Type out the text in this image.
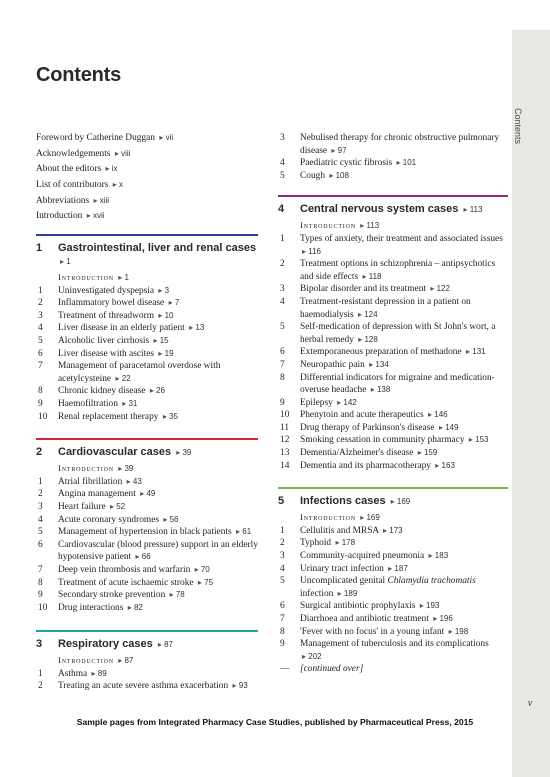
Contents
Contents
Foreword by Catherine Duggan ▸ vii
Acknowledgements ▸ viii
About the editors ▸ ix
List of contributors ▸ x
Abbreviations ▸ xiii
Introduction ▸ xvii
1	Gastrointestinal, liver and renal cases ▸ 1
Introduction ▸ 1
1	Uninvestigated dyspepsia ▸ 3
2	Inflammatory bowel disease ▸ 7
3	Treatment of threadworm ▸ 10
4	Liver disease in an elderly patient ▸ 13
5	Alcoholic liver cirrhosis ▸ 15
6	Liver disease with ascites ▸ 19
7	Management of paracetamol overdose with acetylcysteine ▸ 22
8	Chronic kidney disease ▸ 26
9	Haemofiltration ▸ 31
10	Renal replacement therapy ▸ 35
2	Cardiovascular cases ▸ 39
Introduction ▸ 39
1	Atrial fibrillation ▸ 43
2	Angina management ▸ 49
3	Heart failure ▸ 52
4	Acute coronary syndromes ▸ 56
5	Management of hypertension in black patients ▸ 61
6	Cardiovascular (blood pressure) support in an elderly hypotensive patient ▸ 66
7	Deep vein thrombosis and warfarin ▸ 70
8	Treatment of acute ischaemic stroke ▸ 75
9	Secondary stroke prevention ▸ 78
10	Drug interactions ▸ 82
3	Respiratory cases ▸ 87
Introduction ▸ 87
1	Asthma ▸ 89
2	Treating an acute severe asthma exacerbation ▸ 93
3	Nebulised therapy for chronic obstructive pulmonary disease ▸ 97
4	Paediatric cystic fibrosis ▸ 101
5	Cough ▸ 108
4	Central nervous system cases ▸ 113
Introduction ▸ 113
1	Types of anxiety, their treatment and associated issues ▸ 116
2	Treatment options in schizophrenia – antipsychotics and side effects ▸ 118
3	Bipolar disorder and its treatment ▸ 122
4	Treatment-resistant depression in a patient on haemodialysis ▸ 124
5	Self-medication of depression with St John's wort, a herbal remedy ▸ 128
6	Extemporaneous preparation of methadone ▸ 131
7	Neuropathic pain ▸ 134
8	Differential indicators for migraine and medication-overuse headache ▸ 138
9	Epilepsy ▸ 142
10	Phenytoin and acute therapeutics ▸ 146
11	Drug therapy of Parkinson's disease ▸ 149
12	Smoking cessation in community pharmacy ▸ 153
13	Dementia/Alzheimer's disease ▸ 159
14	Dementia and its pharmacotherapy ▸ 163
5	Infections cases ▸ 169
Introduction ▸ 169
1	Cellulitis and MRSA ▸ 173
2	Typhoid ▸ 178
3	Community-acquired pneumonia ▸ 183
4	Urinary tract infection ▸ 187
5	Uncomplicated genital Chlamydia trachomatis infection ▸ 189
6	Surgical antibiotic prophylaxis ▸ 193
7	Diarrhoea and antibiotic treatment ▸ 196
8	'Fever with no focus' in a young infant ▸ 198
9	Management of tuberculosis and its complications ▸ 202
—	[continued over]
v
Sample pages from Integrated Pharmacy Case Studies, published by Pharmaceutical Press, 2015
